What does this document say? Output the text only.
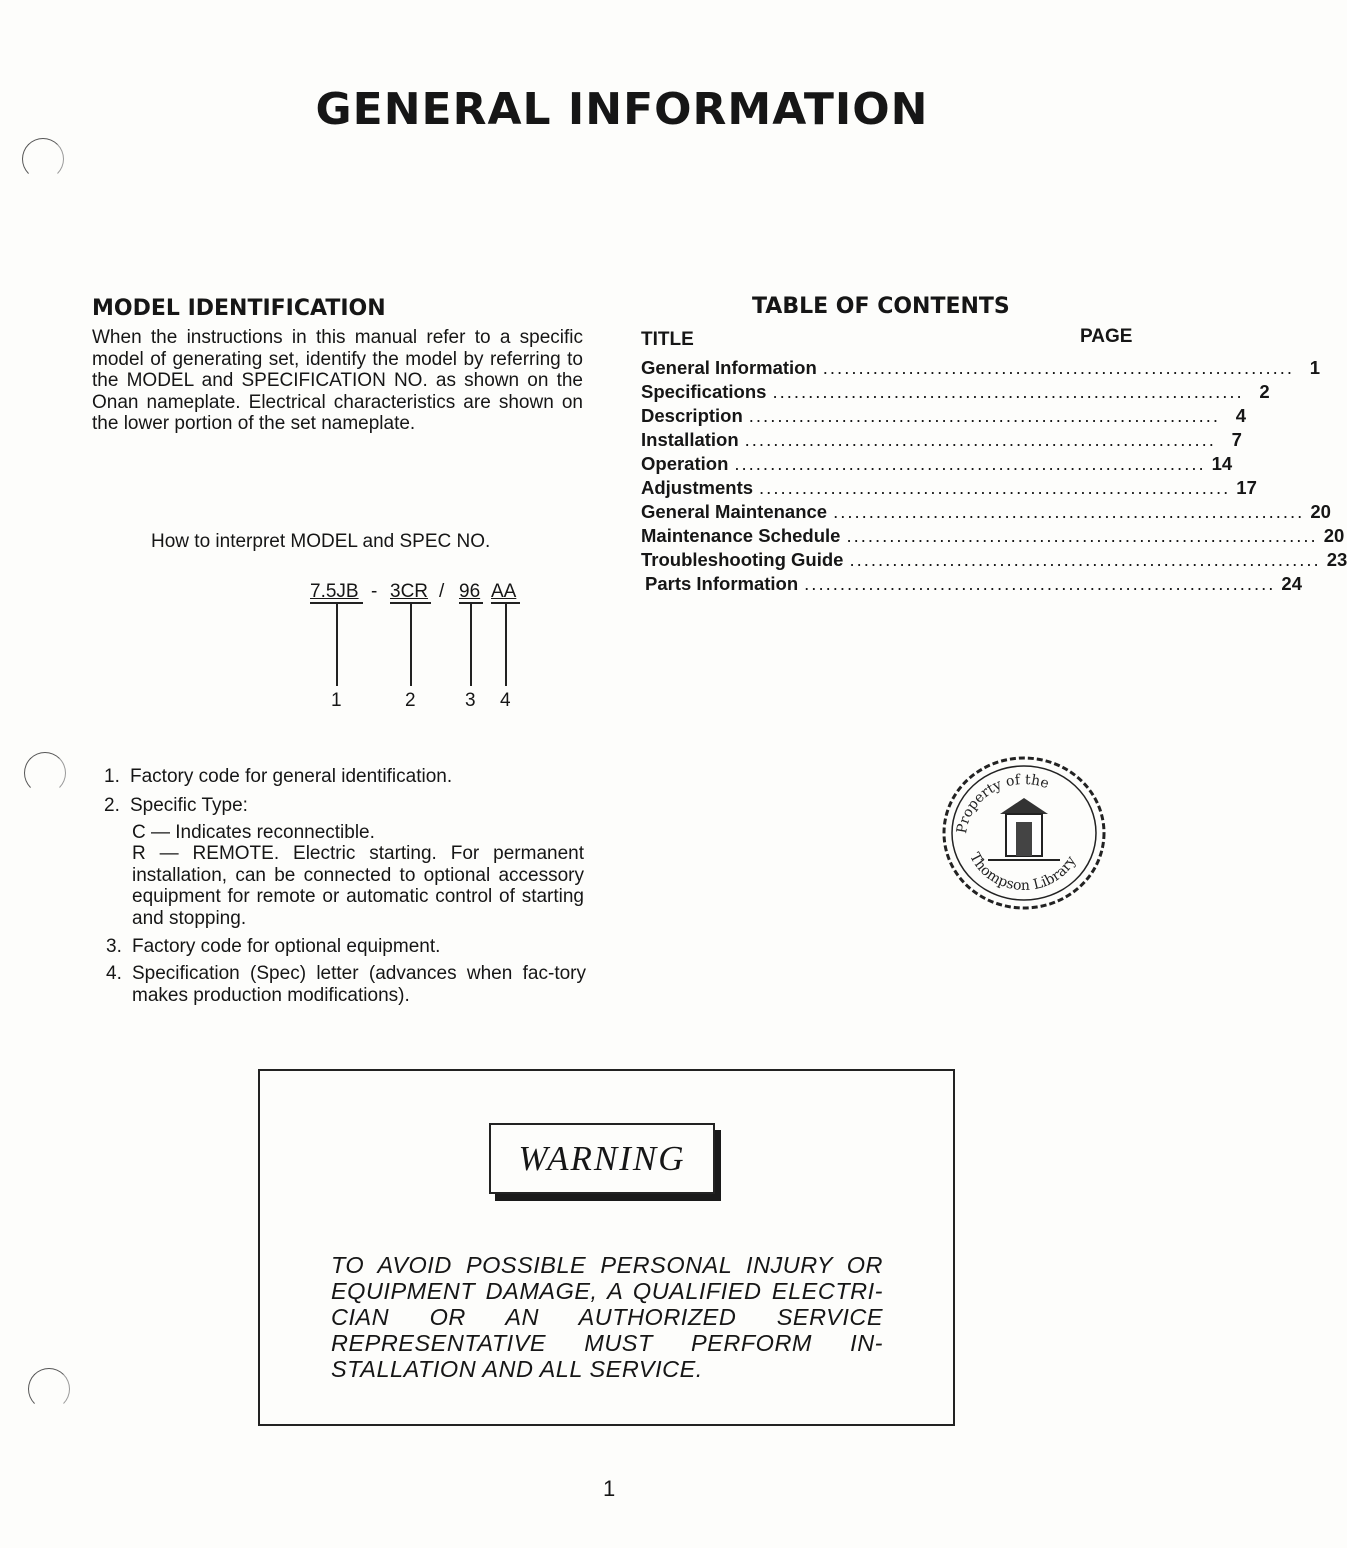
GENERAL INFORMATION
MODEL IDENTIFICATION
When the instructions in this manual refer to a specific model of generating set, identify the model by referring to the MODEL and SPECIFICATION NO. as shown on the Onan nameplate. Electrical characteristics are shown on the lower portion of the set nameplate.
How to interpret MODEL and SPEC NO.
7.5JB - 3CR / 96 AA
1	2	3 4
1. Factory code for general identification.
2. Specific Type:
C — Indicates reconnectible.
R — REMOTE. Electric starting. For permanent installation, can be connected to optional accessory equipment for remote or automatic control of starting and stopping.
3. Factory code for optional equipment.
4. Specification (Spec) letter (advances when fac-tory makes production modifications).
TABLE OF CONTENTS
TITLE	PAGE
General Information .................................................................. 1
Specifications .................................................................. 2
Description .................................................................. 4
Installation .................................................................. 7
Operation .................................................................. 14
Adjustments .................................................................. 17
General Maintenance .................................................................. 20
Maintenance Schedule .................................................................. 20
Troubleshooting Guide .................................................................. 23
Parts Information .................................................................. 24
Property of the
Thompson Library
WARNING
TO AVOID POSSIBLE PERSONAL INJURY OR EQUIPMENT DAMAGE, A QUALIFIED ELECTRI-CIAN OR AN AUTHORIZED SERVICE REPRESENTATIVE MUST PERFORM IN-STALLATION AND ALL SERVICE.
1
